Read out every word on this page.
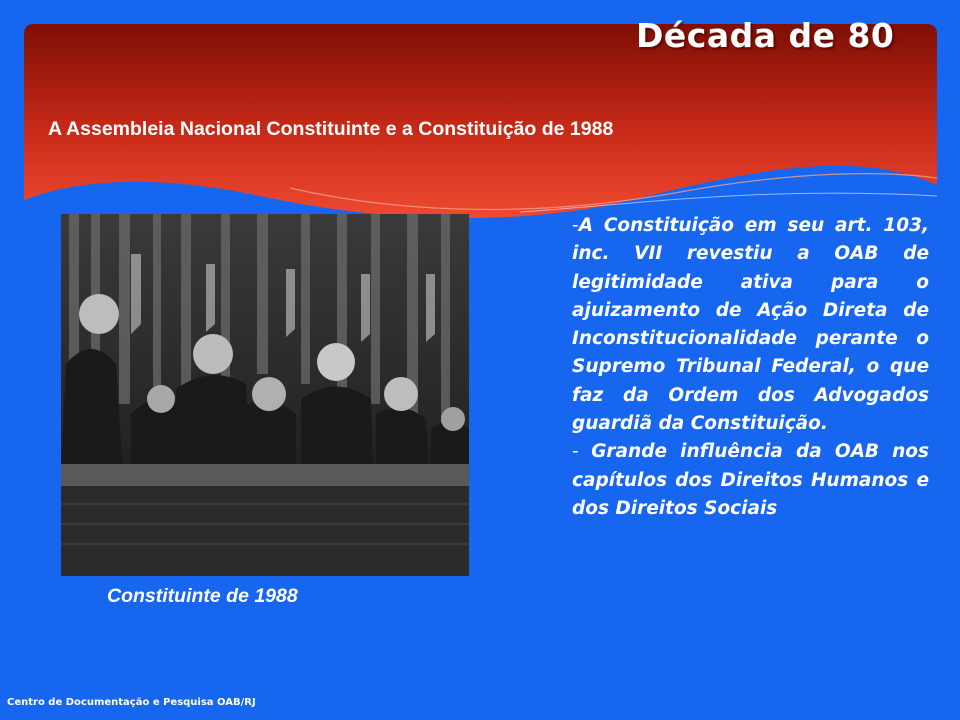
Década de 80
A Assembleia Nacional Constituinte e a Constituição de 1988
Constituinte de 1988

-A Constituição em seu art. 103, inc. VII revestiu a OAB de legitimidade ativa para o ajuizamento de Ação Direta de Inconstitucionalidade perante o Supremo Tribunal Federal, o que faz da Ordem dos Advogados guardiã da Constituição.

- Grande influência da OAB nos capítulos dos Direitos Humanos e dos Direitos Sociais

Centro de Documentação e Pesquisa OAB/RJ
